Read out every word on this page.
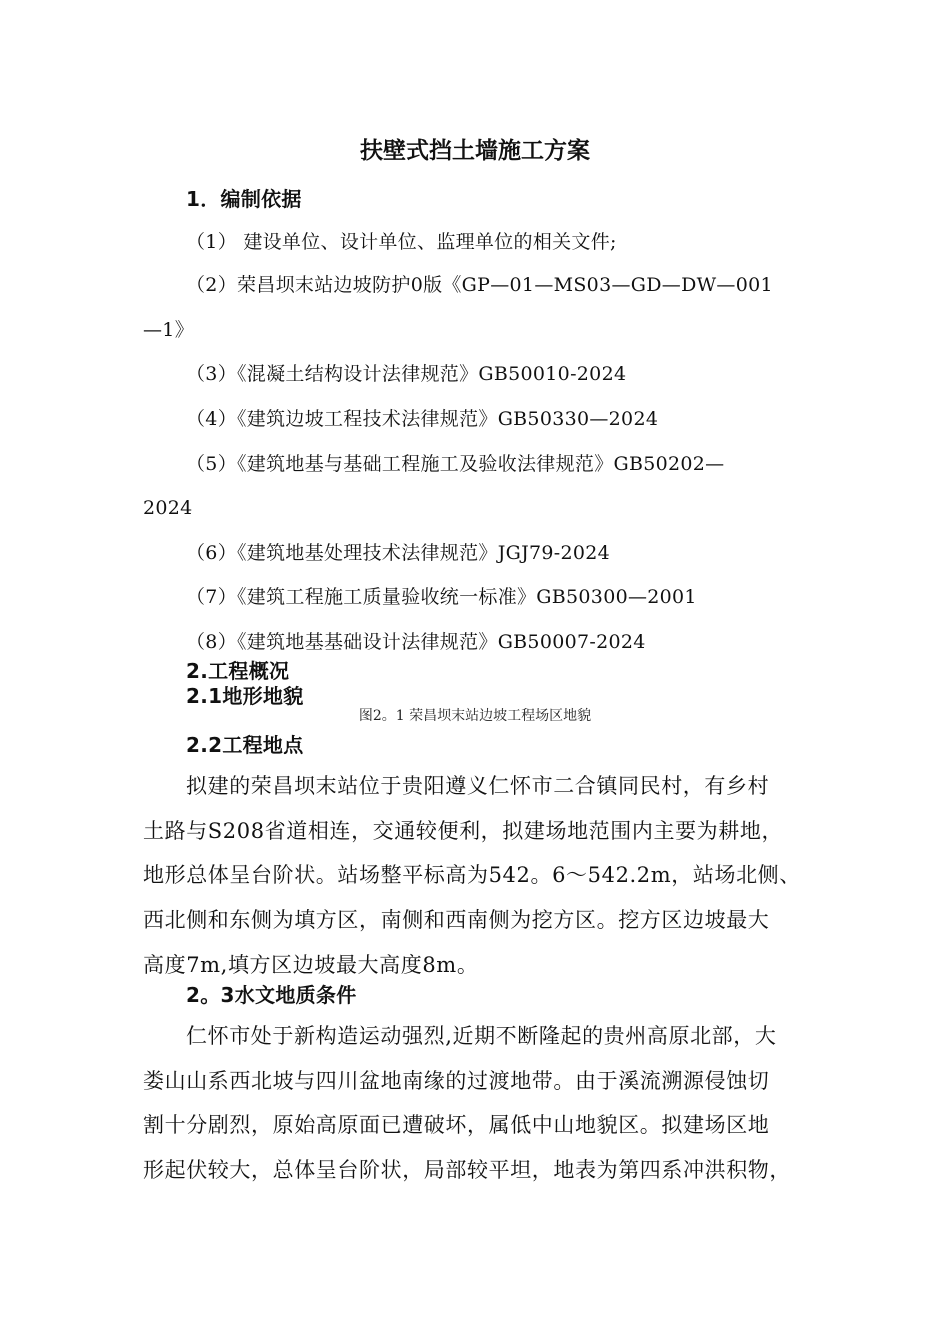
扶壁式挡土墙施工方案
1．编制依据
（1） 建设单位、设计单位、监理单位的相关文件;
（2）荣昌坝末站边坡防护0版《GP—01—MS03—GD—DW—001
—1》
（3）《混凝土结构设计法律规范》GB50010-2024
（4）《建筑边坡工程技术法律规范》GB50330—2024
（5）《建筑地基与基础工程施工及验收法律规范》GB50202—
2024
（6）《建筑地基处理技术法律规范》JGJ79-2024
（7）《建筑工程施工质量验收统一标准》GB50300—2001
（8）《建筑地基基础设计法律规范》GB50007-2024
2.工程概况
2.1地形地貌
图2。1 荣昌坝末站边坡工程场区地貌
2.2工程地点
拟建的荣昌坝末站位于贵阳遵义仁怀市二合镇同民村，有乡村
土路与S208省道相连，交通较便利，拟建场地范围内主要为耕地，
地形总体呈台阶状。站场整平标高为542。6～542.2m，站场北侧、
西北侧和东侧为填方区，南侧和西南侧为挖方区。挖方区边坡最大
高度7m,填方区边坡最大高度8m。
2。3水文地质条件
仁怀市处于新构造运动强烈,近期不断隆起的贵州高原北部，大
娄山山系西北坡与四川盆地南缘的过渡地带。由于溪流溯源侵蚀切
割十分剧烈，原始高原面已遭破坏，属低中山地貌区。拟建场区地
形起伏较大，总体呈台阶状，局部较平坦，地表为第四系冲洪积物，
